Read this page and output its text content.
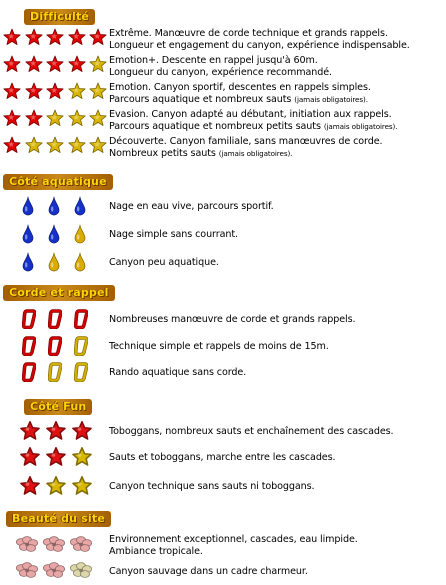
Difficulté
Extrême. Manœuvre de corde technique et grands rappels.
Longueur et engagement du canyon, expérience indispensable.
Emotion+. Descente en rappel jusqu'à 60m.
Longueur du canyon, expérience recommandé.
Emotion. Canyon sportif, descentes en rappels simples.
Parcours aquatique et nombreux sauts (jamais obligatoires).
Evasion. Canyon adapté au débutant, initiation aux rappels.
Parcours aquatique et nombreux petits sauts (jamais obligatoires).
Découverte. Canyon familiale, sans manœuvres de corde.
Nombreux petits sauts (jamais obligatoires).
Côté aquatique
Nage en eau vive, parcours sportif.
Nage simple sans courrant.
Canyon peu aquatique.
Corde et rappel
Nombreuses manœuvre de corde et grands rappels.
Technique simple et rappels de moins de 15m.
Rando aquatique sans corde.
Côté Fun
Toboggans, nombreux sauts et enchaînement des cascades.
Sauts et toboggans, marche entre les cascades.
Canyon technique sans sauts ni toboggans.
Beauté du site
Environnement exceptionnel, cascades, eau limpide.
Ambiance tropicale.
Canyon sauvage dans un cadre charmeur.
